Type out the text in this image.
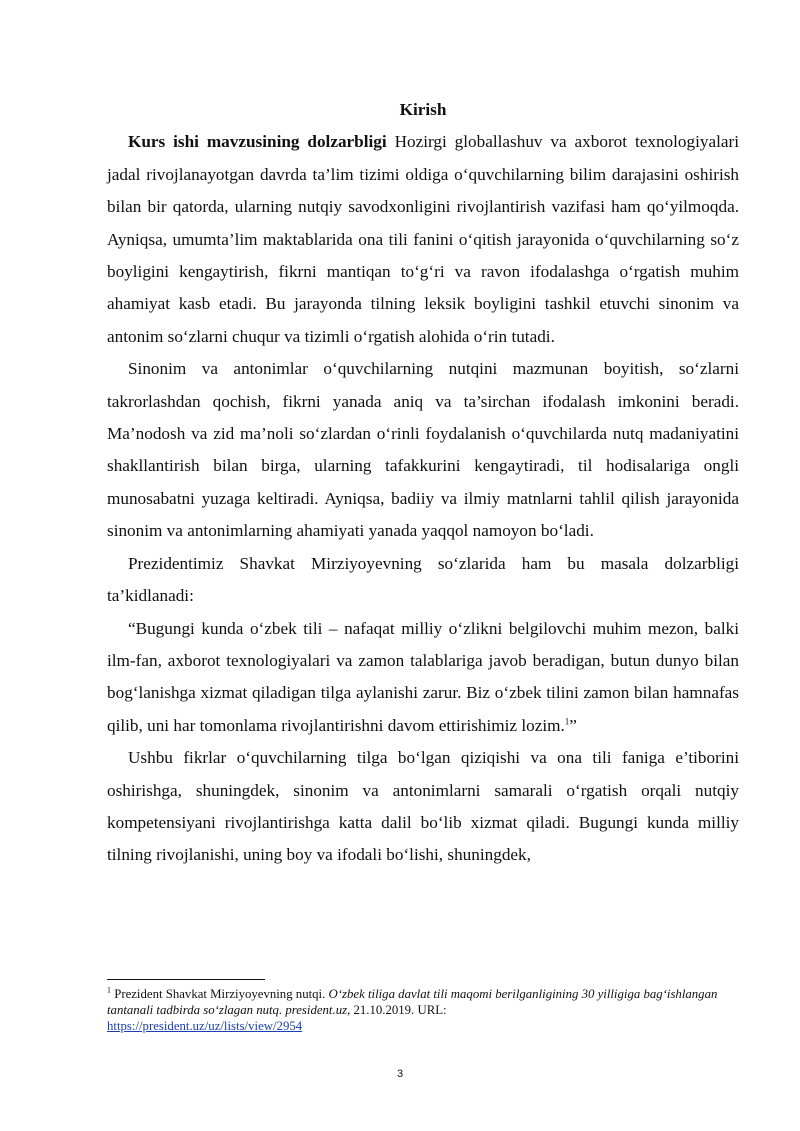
Kirish

Kurs ishi mavzusining dolzarbligi Hozirgi globallashuv va axborot texnologiyalari jadal rivojlanayotgan davrda ta’lim tizimi oldiga o‘quvchilarning bilim darajasini oshirish bilan bir qatorda, ularning nutqiy savodxonligini rivojlantirish vazifasi ham qo‘yilmoqda. Ayniqsa, umumta’lim maktablarida ona tili fanini o‘qitish jarayonida o‘quvchilarning so‘z boyligini kengaytirish, fikrni mantiqan to‘g‘ri va ravon ifodalashga o‘rgatish muhim ahamiyat kasb etadi. Bu jarayonda tilning leksik boyligini tashkil etuvchi sinonim va antonim so‘zlarni chuqur va tizimli o‘rgatish alohida o‘rin tutadi.

Sinonim va antonimlar o‘quvchilarning nutqini mazmunan boyitish, so‘zlarni takrorlashdan qochish, fikrni yanada aniq va ta’sirchan ifodalash imkonini beradi. Ma’nodosh va zid ma’noli so‘zlardan o‘rinli foydalanish o‘quvchilarda nutq madaniyatini shakllantirish bilan birga, ularning tafakkurini kengaytiradi, til hodisalariga ongli munosabatni yuzaga keltiradi. Ayniqsa, badiiy va ilmiy matnlarni tahlil qilish jarayonida sinonim va antonimlarning ahamiyati yanada yaqqol namoyon bo‘ladi.

Prezidentimiz Shavkat Mirziyoyevning so‘zlarida ham bu masala dolzarbligi ta’kidlanadi:

“Bugungi kunda o‘zbek tili – nafaqat milliy o‘zlikni belgilovchi muhim mezon, balki ilm-fan, axborot texnologiyalari va zamon talablariga javob beradigan, butun dunyo bilan bog‘lanishga xizmat qiladigan tilga aylanishi zarur. Biz o‘zbek tilini zamon bilan hamnafas qilib, uni har tomonlama rivojlantirishni davom ettirishimiz lozim.$^1$”

Ushbu fikrlar o‘quvchilarning tilga bo‘lgan qiziqishi va ona tili faniga e’tiborini oshirishga, shuningdek, sinonim va antonimlarni samarali o‘rgatish orqali nutqiy kompetensiyani rivojlantirishga katta dalil bo‘lib xizmat qiladi. Bugungi kunda milliy tilning rivojlanishi, uning boy va ifodali bo‘lishi, shuningdek,

$^1$ Prezident Shavkat Mirziyoyevning nutqi. O‘zbek tiliga davlat tili maqomi berilganligining 30 yilligiga bag‘ishlangan tantanali tadbirda so‘zlagan nutq. president.uz, 21.10.2019. URL:
https://president.uz/uz/lists/view/2954
3
